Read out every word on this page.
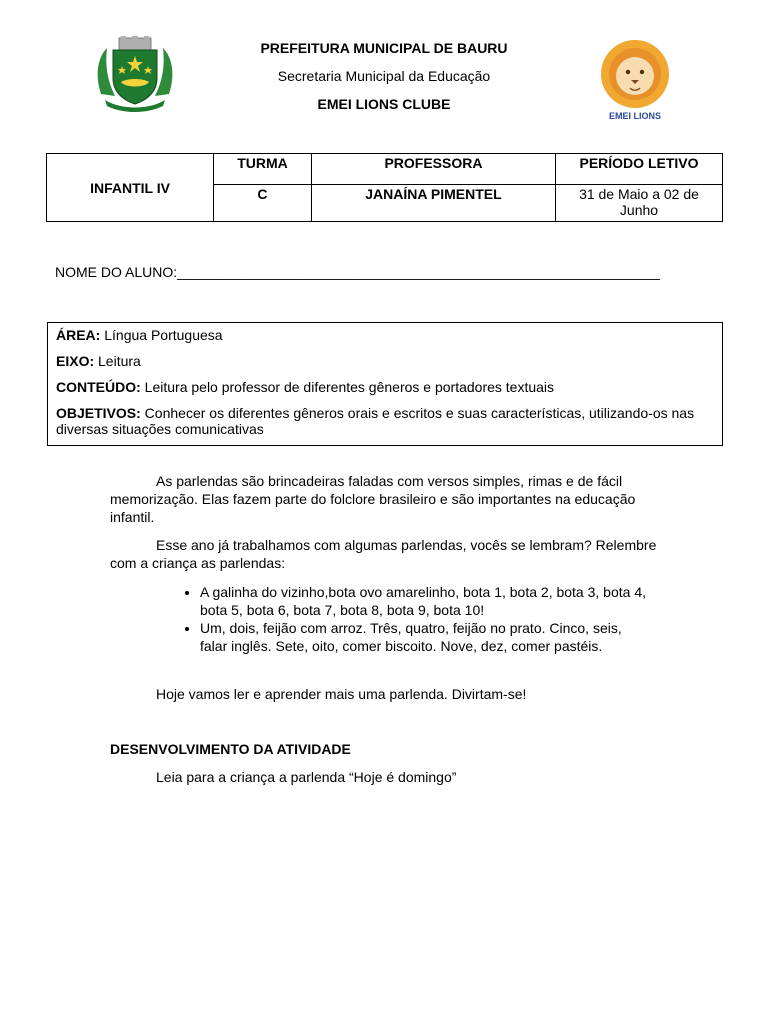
PREFEITURA MUNICIPAL DE BAURU
Secretaria Municipal da Educação
EMEI LIONS CLUBE
EMEI LIONS
INFANTIL IV	TURMA	PROFESSORA	PERÍODO LETIVO
	C	JANAÍNA PIMENTEL	31 de Maio a 02 de Junho
NOME DO ALUNO:______________________________________________________________

ÁREA: Língua Portuguesa

EIXO: Leitura

CONTEÚDO: Leitura pelo professor de diferentes gêneros e portadores textuais

OBJETIVOS: Conhecer os diferentes gêneros orais e escritos e suas características, utilizando-os nas diversas situações comunicativas

As parlendas são brincadeiras faladas com versos simples, rimas e de fácil memorização. Elas fazem parte do folclore brasileiro e são importantes na educação infantil.

Esse ano já trabalhamos com algumas parlendas, vocês se lembram? Relembre com a criança as parlendas:

• A galinha do vizinho,bota ovo amarelinho, bota 1, bota 2, bota 3, bota 4, bota 5, bota 6, bota 7, bota 8, bota 9, bota 10!
• Um, dois, feijão com arroz. Três, quatro, feijão no prato. Cinco, seis, falar inglês. Sete, oito, comer biscoito. Nove, dez, comer pastéis.

Hoje vamos ler e aprender mais uma parlenda. Divirtam-se!

DESENVOLVIMENTO DA ATIVIDADE

Leia para a criança a parlenda “Hoje é domingo”
